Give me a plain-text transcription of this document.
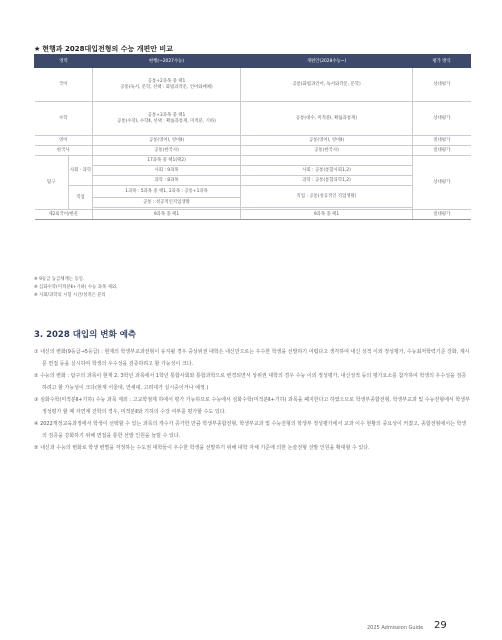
★ 현행과 2028대입전형의 수능 개편안 비교
영역		현행(~2027수능)	개편안(2028수능~)	평가 방식
국어		공통+2과목 중 택1
공통(독서, 문학, 선택 : 화법과작문, 언어와매체)	공통(화법과언어, 독서와작문, 문학)	상대평가
수학		공통+3과목 중 택1
공통(수학Ⅰ, 수학Ⅱ, 선택 : 확률과통계, 미적분, 기하)	공통(대수, 미적분Ⅰ, 확률과통계)	상대평가
영어		공통(영어Ⅰ, 영어Ⅱ)	공통(영어Ⅰ, 영어Ⅱ)	절대평가
한국사		공통(한국사)	공통(한국사)	절대평가
탐구	사회 · 과학	17과목 중 택1(택2)		상대평가
		사회 : 9과목	사회 : 공통(통합사회1,2)	
		과학 : 8과목	과학 : 공통(통합과학1,2)	
	직업	1과목 : 5과목 중 택1, 2과목 : 공통+1과목	직업 : 공통(성공적인 직업생활)	
		공통 : 성공적인직업생활		

제2외국어/한문		9과목 중 택1	9과목 중 택1	절대평가
※ 9등급 등급체계는 동일.
※ 심화수학(미적분Ⅱ+기하) 수능 과목 제외.
※ 사회/과학의 시험 시간/성적은 분리
3. 2028 대입의 변화 예측

① 내신의 변화(9등급→5등급) : 현재의 학생부교과전형이 유지될 경우 중상위권 대학은 내신만으로는 우수한 학생을 선발하기 어렵다고 생각하여 내신 성적 이외 정성평가, 수능최저학력기준 강화, 제시문 면접 등을 실시하여 학생의 우수성을 검증하려고 할 가능성이 크다.

② 수능의 변화 : 탐구의 과목이 현재 2, 3학년 과목에서 1학년 통합사회와 통합과학으로 변경되면서 상위권 대학의 경우 수능 이외 정성평가, 내신성적 등의 평가요소를 참가하여 학생의 우수성을 검증하려고 할 가능성이 크다(현재 서울대, 연세대, 고려대가 실시중이거나 예정.)

③ 심화수학(미적분Ⅱ+기하) 수능 과목 제외 : 고교학점제 하에서 평가 가능하므로 수능에서 심화수학(미적분Ⅱ+기하) 과목을 폐지한다고 하였으므로 학생부종합전형, 학생부교과 및 수능전형에서 학생부 정성평가 할 때 자연계 진학의 경우, 미적분Ⅱ와 기하의 수강 여부를 평가할 수도 있다.

④ 2022개정교육과정에서 학생이 선택할 수 있는 과목의 개수가 증가한 만큼 학생부종합전형, 학생부교과 및 수능전형의 학생부 정성평가에서 교과 이수 현황의 중요성이 커졌고, 종합전형에서는 학생의 검증을 강화하기 위해 면접을 통한 선발 인원을 늘릴 수 있다.

⑤ 내신과 수능의 변화로 학생 변별을 걱정하는 수도권 대학들이 우수한 학생을 선발하기 위해 대학 자체 기준에 의한 논술전형 선발 인원을 확대할 수 있다.

2025 Admission Guide 29
